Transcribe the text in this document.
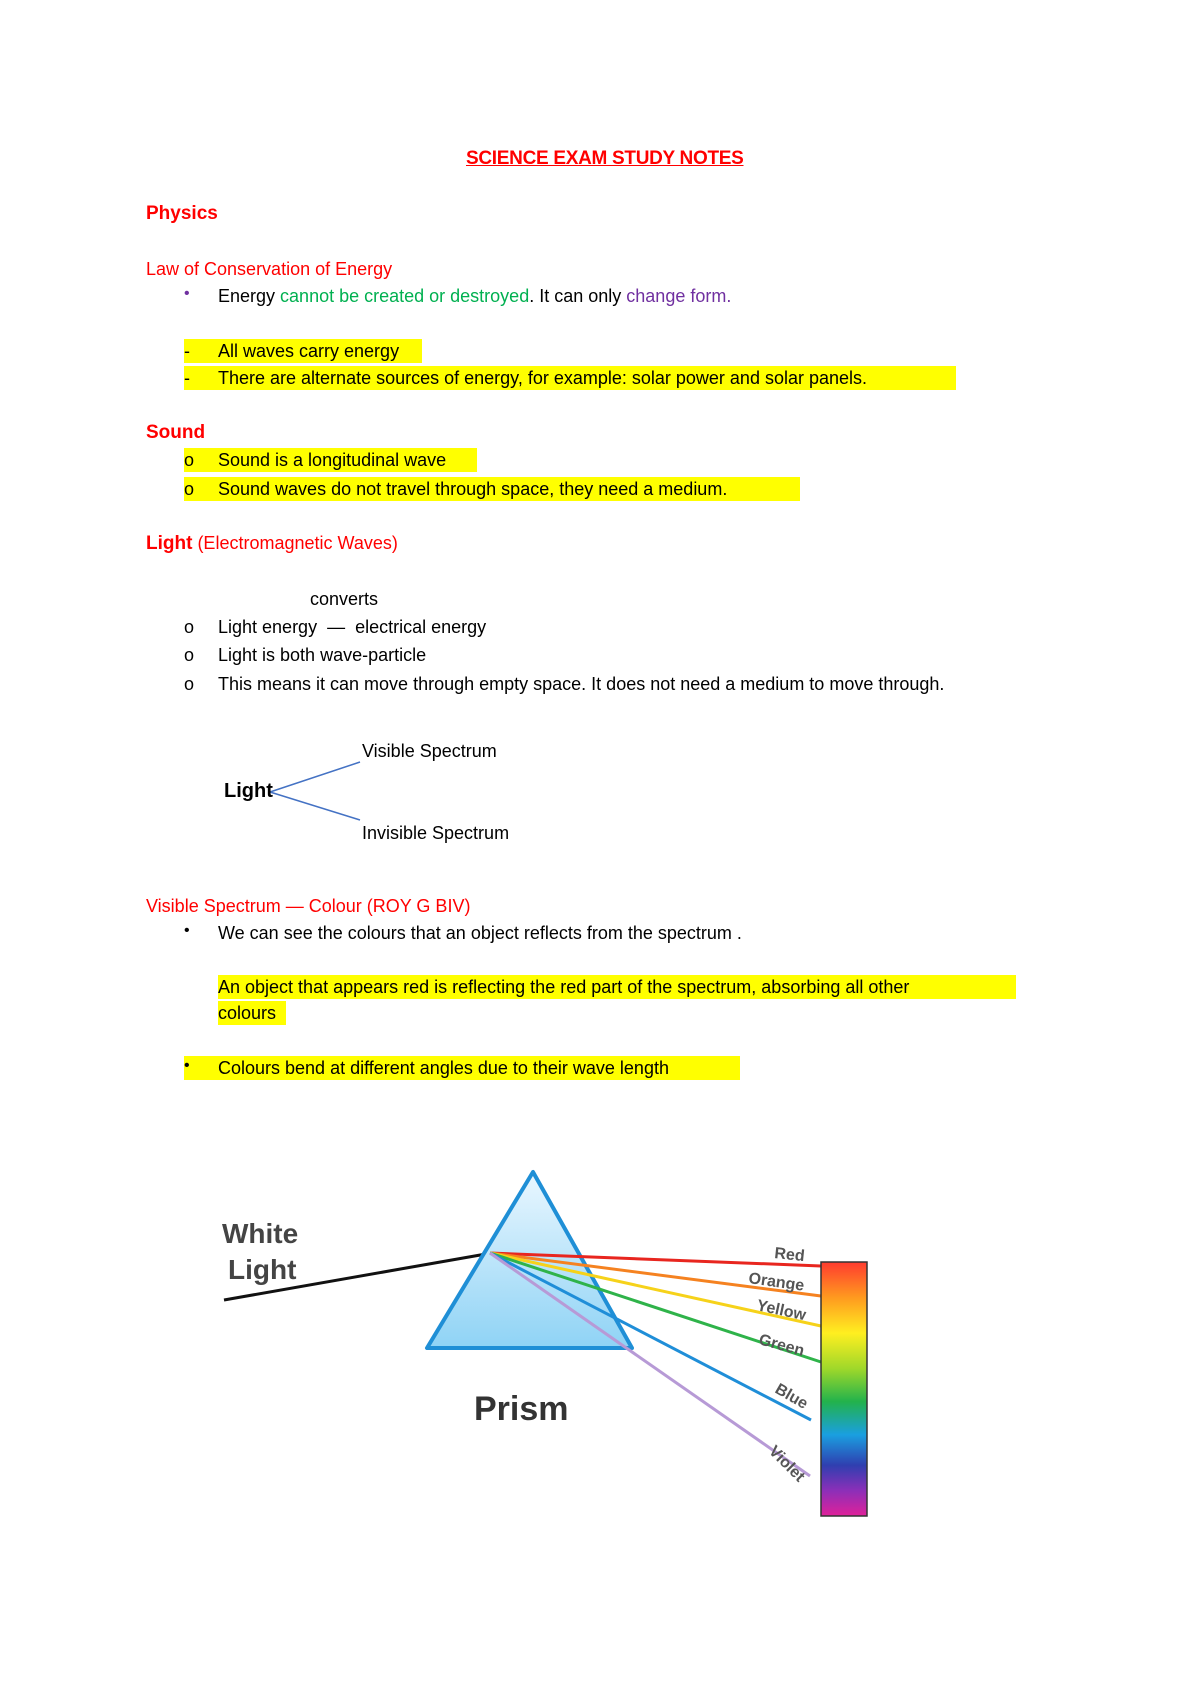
SCIENCE EXAM STUDY NOTES
Physics
Law of Conservation of Energy
• Energy cannot be created or destroyed. It can only change form.
- All waves carry energy
- There are alternate sources of energy, for example: solar power and solar panels.
Sound
o Sound is a longitudinal wave
o Sound waves do not travel through space, they need a medium.
Light (Electromagnetic Waves)
converts
o Light energy  —  electrical energy
o Light is both wave-particle
o This means it can move through empty space. It does not need a medium to move through.
Light
Visible Spectrum
Invisible Spectrum
Visible Spectrum — Colour (ROY G BIV)
• We can see the colours that an object reflects from the spectrum .
An object that appears red is reflecting the red part of the spectrum, absorbing all other
colours
• Colours bend at different angles due to their wave length
White
Light
Prism
Red
Orange
Yellow
Green
Blue
Violet
